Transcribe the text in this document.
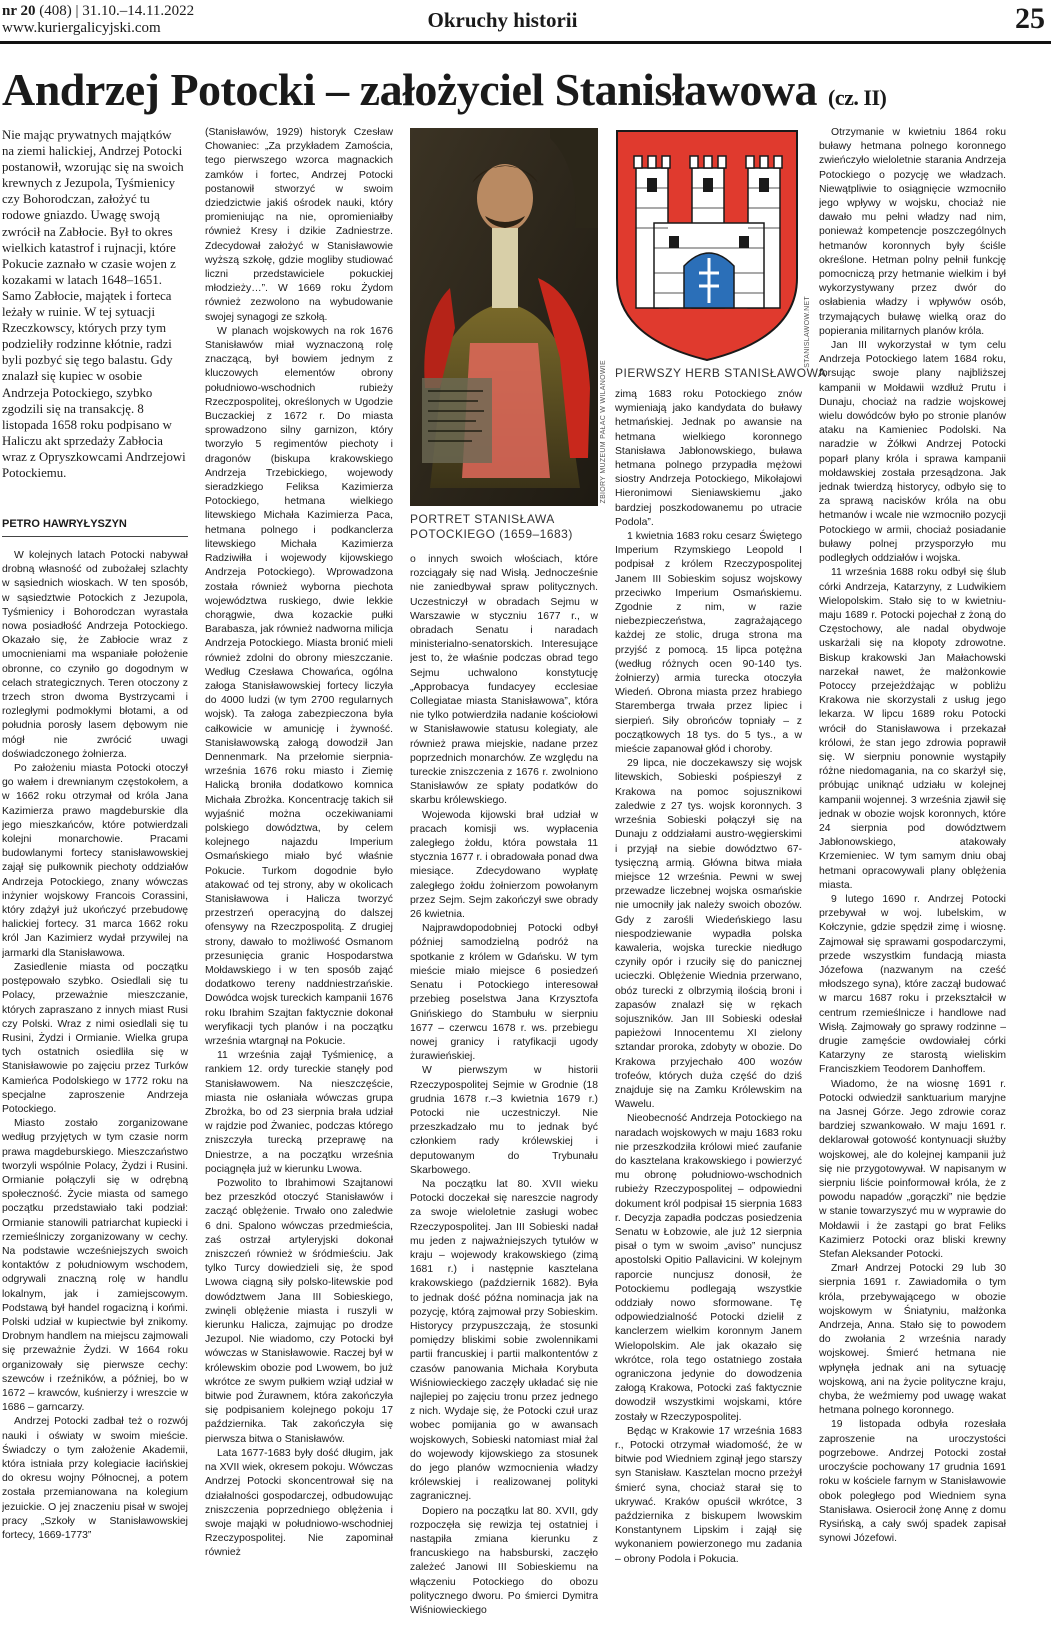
nr 20 (408) | 31.10.–14.11.2022
www.kuriergalicyjski.com	Okruchy historii	25
Andrzej Potocki – założyciel Stanisławowa (cz. II)
Nie mając prywatnych majątków na ziemi halickiej, Andrzej Potocki postanowił, wzorując się na swoich krewnych z Jezupola, Tyśmienicy czy Bohorodczan, założyć tu rodowe gniazdo. Uwagę swoją zwrócił na Zabłocie. Był to okres wielkich katastrof i rujnacji, które Pokucie zaznało w czasie wojen z kozakami w latach 1648–1651. Samo Zabłocie, majątek i forteca leżały w ruinie. W tej sytuacji Rzeczkowscy, których przy tym podzieliły rodzinne kłótnie, radzi byli pozbyć się tego balastu. Gdy znalazł się kupiec w osobie Andrzeja Potockiego, szybko zgodzili się na transakcję. 8 listopada 1658 roku podpisano w Haliczu akt sprzedaży Zabłocia wraz z Opryszkowcami Andrzejowi Potockiemu.
PETRO HAWRYŁYSZYN

W kolejnych latach Potocki nabywał drobną własność od zubożałej szlachty w sąsiednich wioskach. W ten sposób, w sąsiedztwie Potockich z Jezupola, Tyśmienicy i Bohorodczan wyrastała nowa posiadłość Andrzeja Potockiego. Okazało się, że Zabłocie wraz z umocnieniami ma wspaniałe położenie obronne, co czyniło go dogodnym w celach strategicznych. Teren otoczony z trzech stron dwoma Bystrzycami i rozległymi podmokłymi błotami, a od południa porosły lasem dębowym nie mógł nie zwrócić uwagi doświadczonego żołnierza.

Po założeniu miasta Potocki otoczył go wałem i drewnianym częstokołem, a w 1662 roku otrzymał od króla Jana Kazimierza prawo magdeburskie dla jego mieszkańców, które potwierdzali kolejni monarchowie. Pracami budowlanymi fortecy stanisławowskiej zajął się pułkownik piechoty oddziałów Andrzeja Potockiego, znany wówczas inżynier wojskowy Francois Corassini, który zdążył już ukończyć przebudowę halickiej fortecy. 31 marca 1662 roku król Jan Kazimierz wydał przywilej na jarmarki dla Stanisławowa.

Zasiedlenie miasta od początku postępowało szybko. Osiedlali się tu Polacy, przeważnie mieszczanie, których zapraszano z innych miast Rusi czy Polski. Wraz z nimi osiedlali się tu Rusini, Żydzi i Ormianie. Wielka grupa tych ostatnich osiedliła się w Stanisławowie po zajęciu przez Turków Kamieńca Podolskiego w 1772 roku na specjalne zaproszenie Andrzeja Potockiego.

Miasto zostało zorganizowane według przyjętych w tym czasie norm prawa magdeburskiego. Mieszczaństwo tworzyli wspólnie Polacy, Żydzi i Rusini. Ormianie połączyli się w odrębną społeczność. Życie miasta od samego początku przedstawiało taki podział: Ormianie stanowili patriarchat kupiecki i rzemieślniczy zorganizowany w cechy. Na podstawie wcześniejszych swoich kontaktów z południowym wschodem, odgrywali znaczną rolę w handlu lokalnym, jak i zamiejscowym. Podstawą był handel rogacizną i końmi. Polski udział w kupiectwie był znikomy. Drobnym handlem na miejscu zajmowali się przeważnie Żydzi. W 1664 roku organizowały się pierwsze cechy: szewców i rzeźników, a później, bo w 1672 – krawców, kuśnierzy i wreszcie w 1686 – garncarzy.

Andrzej Potocki zadbał też o rozwój nauki i oświaty w swoim mieście. Świadczy o tym założenie Akademii, która istniała przy kolegiacie łacińskiej do okresu wojny Północnej, a potem została przemianowana na kolegium jezuickie. O jej znaczeniu pisał w swojej pracy „Szkoły w Stanisławowskiej fortecy, 1669-1773”

(Stanisławów, 1929) historyk Czesław Chowaniec: „Za przykładem Zamościa, tego pierwszego wzorca magnackich zamków i fortec, Andrzej Potocki postanowił stworzyć w swoim dziedzictwie jakiś ośrodek nauki, który promieniując na nie, opromieniałby również Kresy i dzikie Zadniestrze. Zdecydował założyć w Stanisławowie wyższą szkołę, gdzie mogliby studiować liczni przedstawiciele pokuckiej młodzieży…”. W 1669 roku Żydom również zezwolono na wybudowanie swojej synagogi ze szkołą.

W planach wojskowych na rok 1676 Stanisławów miał wyznaczoną rolę znaczącą, był bowiem jednym z kluczowych elementów obrony południowo-wschodnich rubieży Rzeczpospolitej, określonych w Ugodzie Buczackiej z 1672 r. Do miasta sprowadzono silny garnizon, który tworzyło 5 regimentów piechoty i dragonów (biskupa krakowskiego Andrzeja Trzebickiego, wojewody sieradzkiego Feliksa Kazimierza Potockiego, hetmana wielkiego litewskiego Michała Kazimierza Paca, hetmana polnego i podkanclerza litewskiego Michała Kazimierza Radziwiłła i wojewody kijowskiego Andrzeja Potockiego). Wprowadzona została również wyborna piechota województwa ruskiego, dwie lekkie chorągwie, dwa kozackie pułki Barabasza, jak również nadworna milicja Andrzeja Potockiego. Miasta bronić mieli również zdolni do obrony mieszczanie. Według Czesława Chowańca, ogólna załoga Stanisławowskiej fortecy liczyła do 4000 ludzi (w tym 2700 regularnych wojsk). Ta załoga zabezpieczona była całkowicie w amunicję i żywność. Stanisławowską załogą dowodził Jan Dennenmark. Na przełomie sierpnia-września 1676 roku miasto i Ziemię Halicką broniła dodatkowo komnica Michała Zbrożka. Koncentrację takich sił wyjaśnić można oczekiwaniami polskiego dowództwa, by celem kolejnego najazdu Imperium Osmańskiego miało być właśnie Pokucie. Turkom dogodnie było atakować od tej strony, aby w okolicach Stanisławowa i Halicza tworzyć przestrzeń operacyjną do dalszej ofensywy na Rzeczpospolitą. Z drugiej strony, dawało to możliwość Osmanom przesunięcia granic Hospodarstwa Mołdawskiego i w ten sposób zająć dodatkowo tereny naddniestrzańskie. Dowódca wojsk tureckich kampanii 1676 roku Ibrahim Szajtan faktycznie dokonał weryfikacji tych planów i na początku września wtargnął na Pokucie.

11 września zajął Tyśmienicę, a rankiem 12. ordy tureckie stanęły pod Stanisławowem. Na nieszczęście, miasta nie osłaniała wówczas grupa Zbrożka, bo od 23 sierpnia brała udział w rajdzie pod Żwaniec, podczas którego zniszczyła turecką przeprawę na Dniestrze, a na początku września pociągnęła już w kierunku Lwowa.

Pozwolito to Ibrahimowi Szajtanowi bez przeszkód otoczyć Stanisławów i zacząć oblężenie. Trwało ono zaledwie 6 dni. Spalono wówczas przedmieścia, zaś ostrzał artyleryjski dokonał zniszczeń również w śródmieściu. Jak tylko Turcy dowiedzieli się, że spod Lwowa ciągną siły polsko-litewskie pod dowództwem Jana III Sobieskiego, zwinęli oblężenie miasta i ruszyli w kierunku Halicza, zajmując po drodze Jezupol. Nie wiadomo, czy Potocki był wówczas w Stanisławowie. Raczej był w królewskim obozie pod Lwowem, bo już wkrótce ze swym pułkiem wziął udział w bitwie pod Żurawnem, która zakończyła się podpisaniem kolejnego pokoju 17 października. Tak zakończyła się pierwsza bitwa o Stanisławów.

Lata 1677-1683 były dość długim, jak na XVII wiek, okresem pokoju. Wówczas Andrzej Potocki skoncentrował się na działalności gospodarczej, odbudowując zniszczenia poprzedniego oblężenia i swoje mająki w południowo-wschodniej Rzeczypospolitej. Nie zapominał również

o innych swoich włościach, które rozciągały się nad Wisłą. Jednocześnie nie zaniedbywał spraw politycznych. Uczestniczył w obradach Sejmu w Warszawie w styczniu 1677 r., w obradach Senatu i naradach ministerialno-senatorskich. Interesujące jest to, że właśnie podczas obrad tego Sejmu uchwalono konstytucję „Approbacya fundacyey ecclesiae Collegiatae miasta Stanisławowa”, która nie tylko potwierdziła nadanie kościołowi w Stanisławowie statusu kolegiaty, ale również prawa miejskie, nadane przez poprzednich monarchów. Ze względu na tureckie zniszczenia z 1676 r. zwolniono Stanisławów ze spłaty podatków do skarbu królewskiego.

Wojewoda kijowski brał udział w pracach komisji ws. wypłacenia zaległego żołdu, która powstała 11 stycznia 1677 r. i obradowała ponad dwa miesiące. Zdecydowano wypłatę zaległego żołdu żołnierzom powołanym przez Sejm. Sejm zakończył swe obrady 26 kwietnia.

Najprawdopodobniej Potocki odbył później samodzielną podróż na spotkanie z królem w Gdańsku. W tym mieście miało miejsce 6 posiedzeń Senatu i Potockiego interesował przebieg poselstwa Jana Krzysztofa Gnińskiego do Stambułu w sierpniu 1677 – czerwcu 1678 r. ws. przebiegu nowej granicy i ratyfikacji ugody żurawieńskiej.

W pierwszym w historii Rzeczypospolitej Sejmie w Grodnie (18 grudnia 1678 r.–3 kwietnia 1679 r.) Potocki nie uczestniczył. Nie przeszkadzało mu to jednak być członkiem rady królewskiej i deputowanym do Trybunału Skarbowego.

Na początku lat 80. XVII wieku Potocki doczekał się nareszcie nagrody za swoje wieloletnie zasługi wobec Rzeczypospolitej. Jan III Sobieski nadał mu jeden z najważniejszych tytułów w kraju – wojewody krakowskiego (zimą 1681 r.) i następnie kasztelana krakowskiego (październik 1682). Była to jednak dość późna nominacja jak na pozycję, którą zajmował przy Sobieskim. Historycy przypuszczają, że stosunki pomiędzy bliskimi sobie zwolennikami partii francuskiej i partii malkontentów z czasów panowania Michała Korybuta Wiśniowieckiego zaczęły układać się nie najlepiej po zajęciu tronu przez jednego z nich. Wydaje się, że Potocki czuł uraz wobec pomijania go w awansach wojskowych, Sobieski natomiast miał żal do wojewody kijowskiego za stosunek do jego planów wzmocnienia władzy królewskiej i realizowanej polityki zagranicznej.

Dopiero na początku lat 80. XVII, gdy rozpoczęła się rewizja tej ostatniej i nastąpiła zmiana kierunku z francuskiego na habsburski, zaczęło zależeć Janowi III Sobieskiemu na włączeniu Potockiego do obozu politycznego dworu. Po śmierci Dymitra Wiśniowieckiego

zimą 1683 roku Potockiego znów wymieniają jako kandydata do buławy hetmańskiej. Jednak po awansie na hetmana wielkiego koronnego Stanisława Jabłonowskiego, buława hetmana polnego przypadła mężowi siostry Andrzeja Potockiego, Mikołajowi Hieronimowi Sieniawskiemu „jako bardziej poszkodowanemu po utracie Podola”.

1 kwietnia 1683 roku cesarz Świętego Imperium Rzymskiego Leopold I podpisał z królem Rzeczypospolitej Janem III Sobieskim sojusz wojskowy przeciwko Imperium Osmańskiemu. Zgodnie z nim, w razie niebezpieczeństwa, zagrażającego każdej ze stolic, druga strona ma przyjść z pomocą. 15 lipca potężna (według różnych ocen 90-140 tys. żołnierzy) armia turecka otoczyła Wiedeń. Obrona miasta przez hrabiego Staremberga trwała przez lipiec i sierpień. Siły obrońców topniały – z początkowych 18 tys. do 5 tys., a w mieście zapanował głód i choroby.

29 lipca, nie doczekawszy się wojsk litewskich, Sobieski pośpieszył z Krakowa na pomoc sojusznikowi zaledwie z 27 tys. wojsk koronnych. 3 września Sobieski połączył się na Dunaju z oddziałami austro-węgierskimi i przyjął na siebie dowództwo 67-tysięczną armią. Główna bitwa miała miejsce 12 września. Pewni w swej przewadze liczebnej wojska osmańskie nie umocniły jak należy swoich obozów. Gdy z zarośli Wiedeńskiego lasu niespodziewanie wypadła polska kawaleria, wojska tureckie niedługo czyniły opór i rzuciły się do panicznej ucieczki. Oblężenie Wiednia przerwano, obóz turecki z olbrzymią ilością broni i zapasów znalazł się w rękach sojuszników. Jan III Sobieski odesłał papieżowi Innocentemu XI zielony sztandar proroka, zdobyty w obozie. Do Krakowa przyjechało 400 wozów trofeów, których duża część do dziś znajduje się na Zamku Królewskim na Wawelu.

Nieobecność Andrzeja Potockiego na naradach wojskowych w maju 1683 roku nie przeszkodziła królowi mieć zaufanie do kasztelana krakowskiego i powierzyć mu obronę południowo-wschodnich rubieży Rzeczypospolitej – odpowiedni dokument król podpisał 15 sierpnia 1683 r. Decyzja zapadła podczas posiedzenia Senatu w Łobzowie, ale już 12 sierpnia pisał o tym w swoim „aviso” nuncjusz apostolski Opitio Pallavicini. W kolejnym raporcie nuncjusz donosił, że Potockiemu podlegają wszystkie oddziały nowo sformowane. Tę odpowiedzialność Potocki dzielił z kanclerzem wielkim koronnym Janem Wielopolskim. Ale jak okazało się wkrótce, rola tego ostatniego została ograniczona jedynie do dowodzenia załogą Krakowa, Potocki zaś faktycznie dowodził wszystkimi wojskami, które zostały w Rzeczypospolitej.

Będąc w Krakowie 17 września 1683 r., Potocki otrzymał wiadomość, że w bitwie pod Wiedniem zginął jego starszy syn Stanisław. Kasztelan mocno przeżył śmierć syna, chociaż starał się to ukrywać. Kraków opuścił wkrótce, 3 października z biskupem lwowskim Konstantynem Lipskim i zajął się wykonaniem powierzonego mu zadania – obrony Podola i Pokucia.

Otrzymanie w kwietniu 1864 roku buławy hetmana polnego koronnego zwieńczyło wieloletnie starania Andrzeja Potockiego o pozycję we władzach. Niewątpliwie to osiągnięcie wzmocniło jego wpływy w wojsku, chociaż nie dawało mu pełni władzy nad nim, ponieważ kompetencje poszczególnych hetmanów koronnych były ściśle określone. Hetman polny pełnił funkcję pomocniczą przy hetmanie wielkim i był wykorzystywany przez dwór do osłabienia władzy i wpływów osób, trzymających buławę wielką oraz do popierania militarnych planów króla.

Jan III wykorzystał w tym celu Andrzeja Potockiego latem 1684 roku, forsując swoje plany najbliższej kampanii w Mołdawii wzdłuż Prutu i Dunaju, chociaż na radzie wojskowej wielu dowódców było po stronie planów ataku na Kamieniec Podolski. Na naradzie w Żółkwi Andrzej Potocki poparł plany króla i sprawa kampanii mołdawskiej została przesądzona. Jak jednak twierdzą historycy, odbyło się to za sprawą nacisków króla na obu hetmanów i wcale nie wzmocniło pozycji Potockiego w armii, chociaż posiadanie buławy polnej przysporzyło mu podległych oddziałów i wojska.

11 września 1688 roku odbył się ślub córki Andrzeja, Katarzyny, z Ludwikiem Wielopolskim. Stało się to w kwietniu-maju 1689 r. Potocki pojechał z żoną do Częstochowy, ale nadal obydwoje uskarżali się na kłopoty zdrowotne. Biskup krakowski Jan Małachowski narzekał nawet, że małżonkowie Potoccy przejeżdżając w pobliżu Krakowa nie skorzystali z usług jego lekarza. W lipcu 1689 roku Potocki wrócił do Stanisławowa i przekazał królowi, że stan jego zdrowia poprawił się. W sierpniu ponownie wystąpiły różne niedomagania, na co skarżył się, próbując uniknąć udziału w kolejnej kampanii wojennej. 3 września zjawił się jednak w obozie wojsk koronnych, które 24 sierpnia pod dowództwem Jabłonowskiego, atakowały Krzemieniec. W tym samym dniu obaj hetmani opracowywali plany oblężenia miasta.

9 lutego 1690 r. Andrzej Potocki przebywał w woj. lubelskim, w Kołczynie, gdzie spędził zimę i wiosnę. Zajmował się sprawami gospodarczymi, przede wszystkim fundacją miasta Józefowa (nazwanym na cześć młodszego syna), które zaczął budować w marcu 1687 roku i przekształcił w centrum rzemieślnicze i handlowe nad Wisłą. Zajmowały go sprawy rodzinne – drugie zamęście owdowiałej córki Katarzyny ze starostą wieliskim Franciszkiem Teodorem Danhoffem.

Wiadomo, że na wiosnę 1691 r. Potocki odwiedził sanktuarium maryjne na Jasnej Górze. Jego zdrowie coraz bardziej szwankowało. W maju 1691 r. deklarował gotowość kontynuacji służby wojskowej, ale do kolejnej kampanii już się nie przygotowywał. W napisanym w sierpniu liście poinformował króla, że z powodu napadów „gorączki” nie będzie w stanie towarzyszyć mu w wyprawie do Mołdawii i że zastąpi go brat Feliks Kazimierz Potocki oraz bliski krewny Stefan Aleksander Potocki.

Zmarł Andrzej Potocki 29 lub 30 sierpnia 1691 r. Zawiadomiła o tym króla, przebywającego w obozie wojskowym w Śniatyniu, małżonka Andrzeja, Anna. Stało się to powodem do zwołania 2 września narady wojskowej. Śmierć hetmana nie wpłynęła jednak ani na sytuację wojskową, ani na życie polityczne kraju, chyba, że weźmiemy pod uwagę wakat hetmana polnego koronnego.

19 listopada odbyła rozesłała zaproszenie na uroczystości pogrzebowe. Andrzej Potocki został uroczyście pochowany 17 grudnia 1691 roku w kościele farnym w Stanisławowie obok poległego pod Wiedniem syna Stanisława. Osierocił żonę Annę z domu Rysińską, a cały swój spadek zapisał synowi Józefowi.

ZBIORY MUZEUM PAŁAC W WILANOWIE
PORTRET STANISŁAWA
POTOCKIEGO (1659–1683)
STANISLAWOW.NET
PIERWSZY HERB STANISŁAWOWA
